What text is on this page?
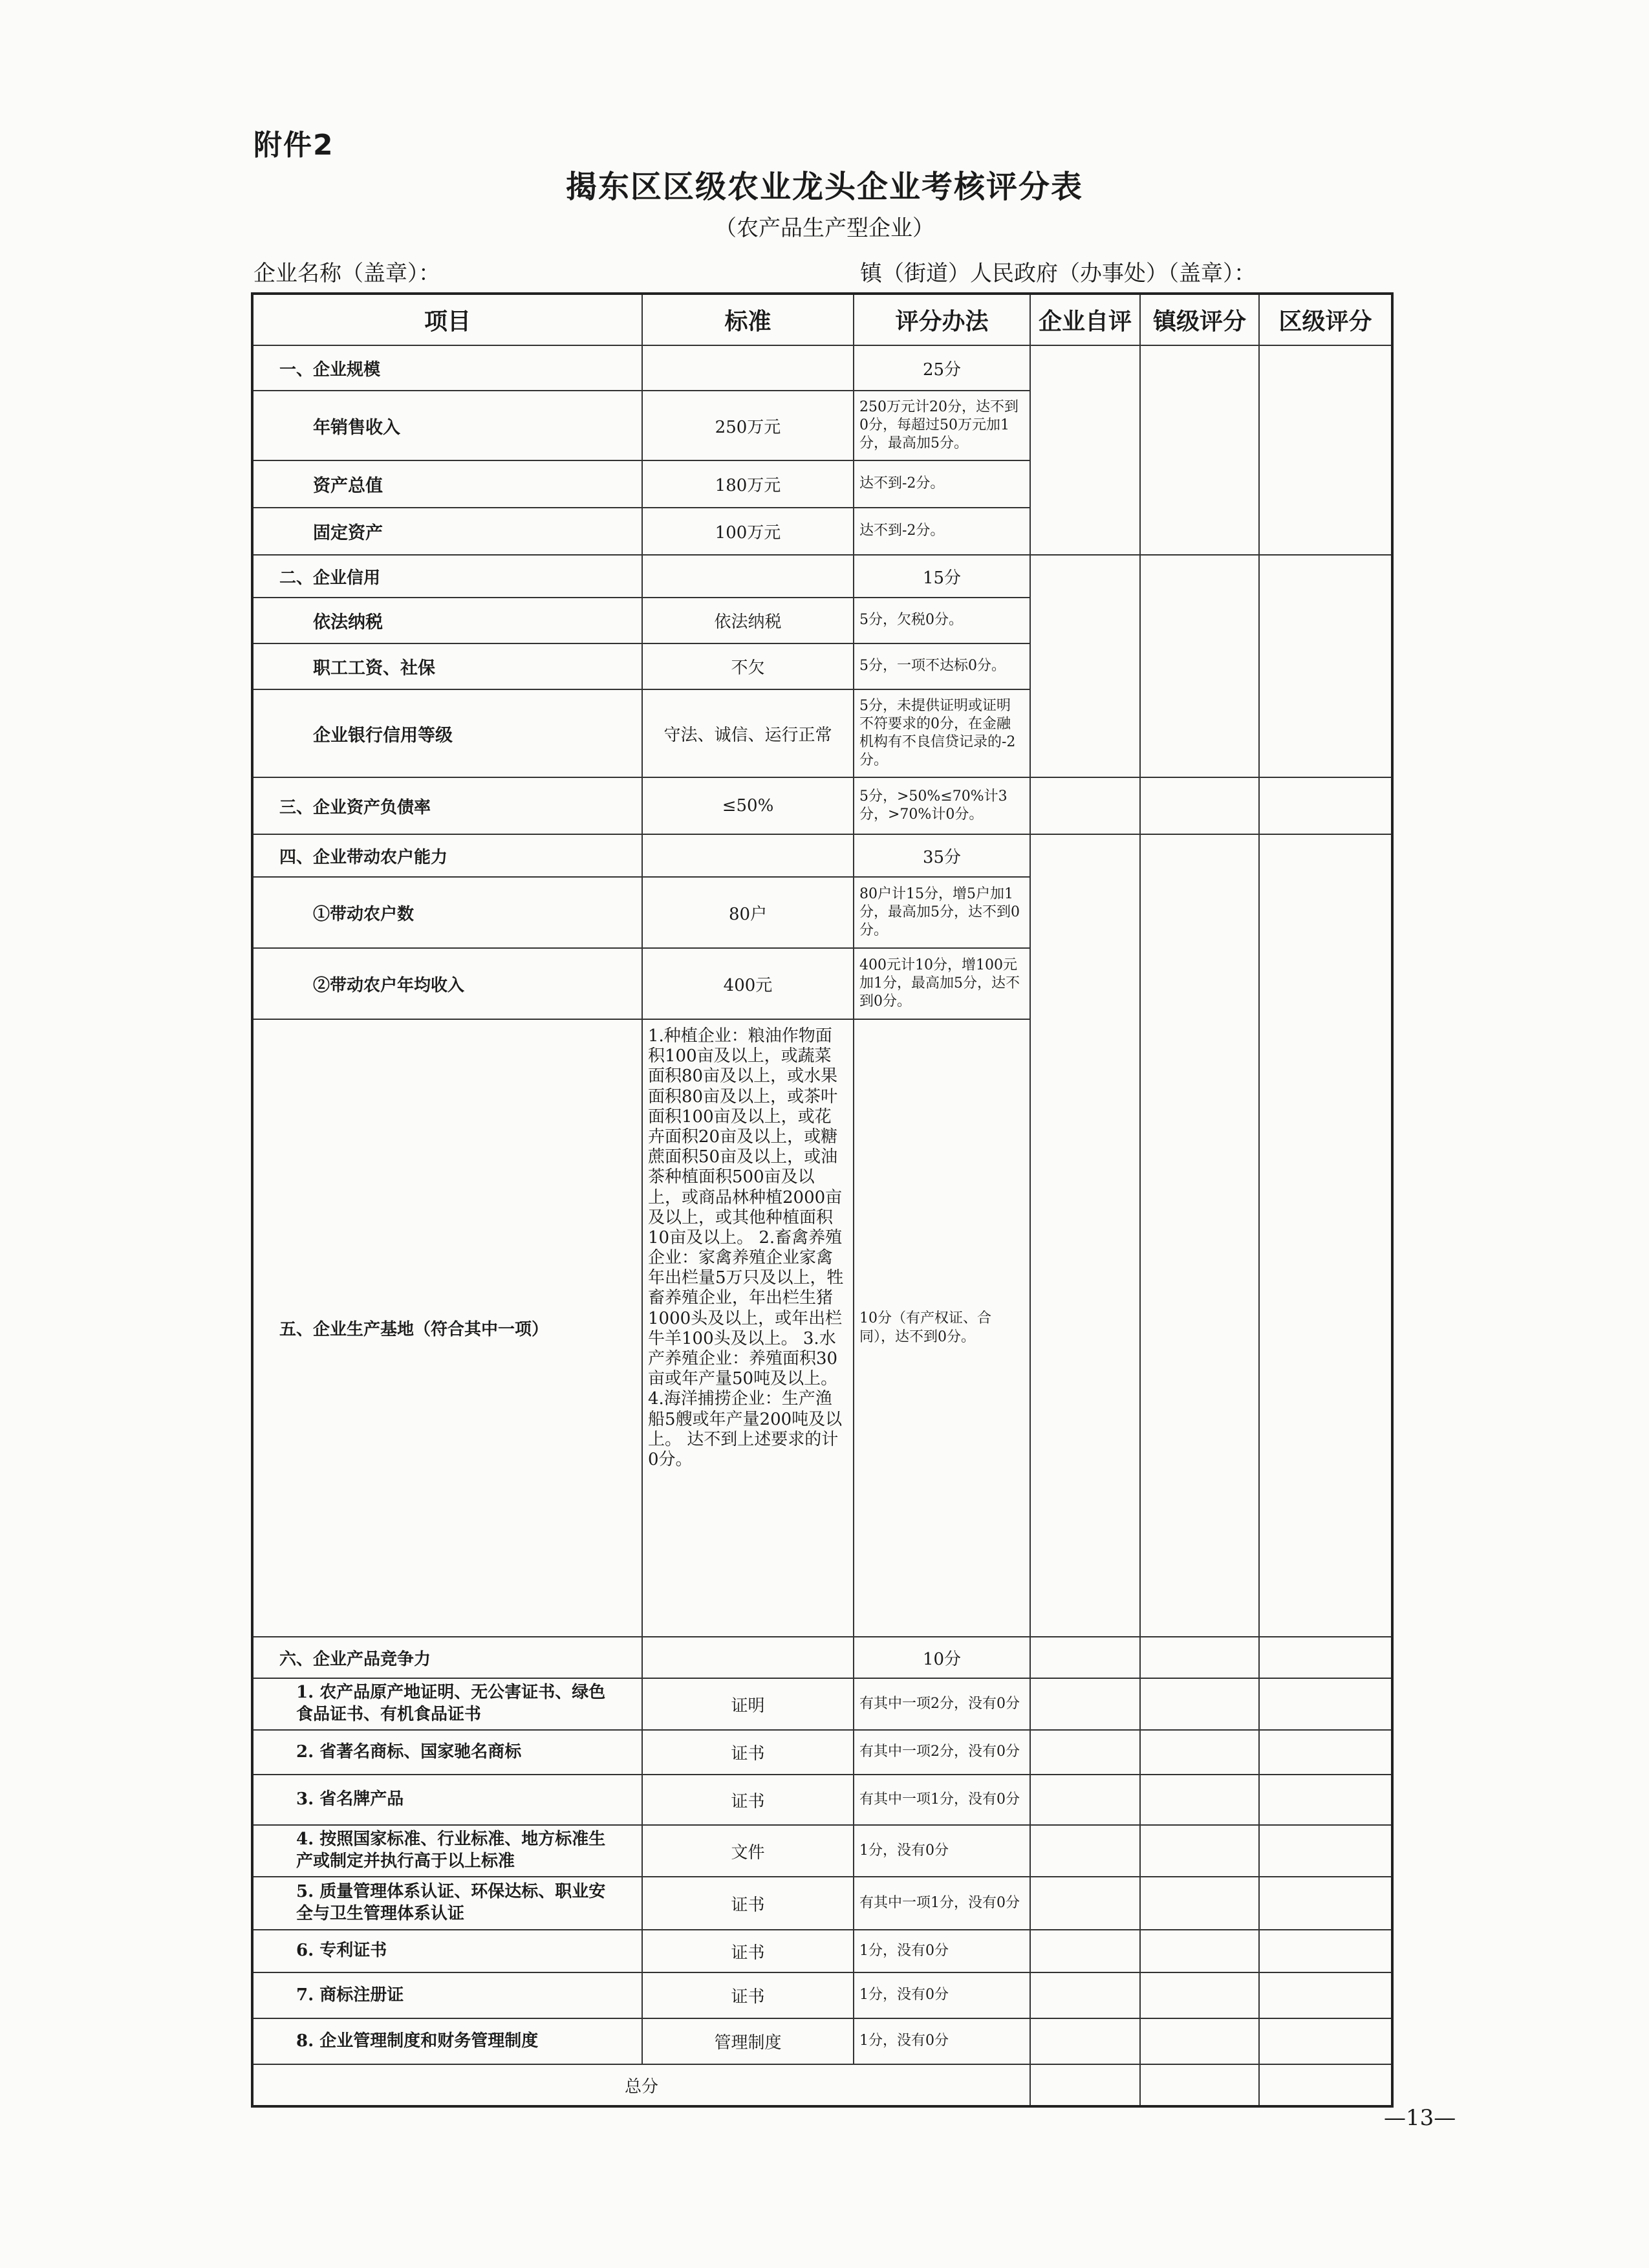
附件2
揭东区区级农业龙头企业考核评分表
（农产品生产型企业）
企业名称（盖章）：	镇（街道）人民政府（办事处）（盖章）：
项目	标准	评分办法	企业自评	镇级评分	区级评分
一、企业规模		25分			
年销售收入	250万元	250万元计20分，达不到0分，每超过50万元加1分，最高加5分。			
资产总值	180万元	达不到-2分。			
固定资产	100万元	达不到-2分。			
二、企业信用		15分			
依法纳税	依法纳税	5分，欠税0分。			
职工工资、社保	不欠	5分，一项不达标0分。			
企业银行信用等级	守法、诚信、运行正常	5分，未提供证明或证明不符要求的0分，在金融机构有不良信贷记录的-2分。			
三、企业资产负债率	≤50%	5分，>50%≤70%计3分，>70%计0分。			
四、企业带动农户能力		35分			
①带动农户数	80户	80户计15分，增5户加1分，最高加5分，达不到0分。			
②带动农户年均收入	400元	400元计10分，增100元加1分，最高加5分，达不到0分。			
五、企业生产基地（符合其中一项）	1.种植企业：粮油作物面积100亩及以上，或蔬菜面积80亩及以上，或水果面积80亩及以上，或茶叶面积100亩及以上，或花卉面积20亩及以上，或糖蔗面积50亩及以上，或油茶种植面积500亩及以上，或商品林种植2000亩及以上，或其他种植面积10亩及以上。 2.畜禽养殖企业：家禽养殖企业家禽年出栏量5万只及以上，牲畜养殖企业，年出栏生猪1000头及以上，或年出栏牛羊100头及以上。 3.水产养殖企业：养殖面积30亩或年产量50吨及以上。 4.海洋捕捞企业：生产渔船5艘或年产量200吨及以上。 达不到上述要求的计0分。	10分（有产权证、合同），达不到0分。			
六、企业产品竞争力		10分			
1. 农产品原产地证明、无公害证书、绿色食品证书、有机食品证书	证明	有其中一项2分，没有0分			
2. 省著名商标、国家驰名商标	证书	有其中一项2分，没有0分			
3. 省名牌产品	证书	有其中一项1分，没有0分			
4. 按照国家标准、行业标准、地方标准生产或制定并执行高于以上标准	文件	1分，没有0分			
5. 质量管理体系认证、环保达标、职业安全与卫生管理体系认证	证书	有其中一项1分，没有0分			
6. 专利证书	证书	1分，没有0分			
7. 商标注册证	证书	1分，没有0分			
8. 企业管理制度和财务管理制度	管理制度	1分，没有0分			
总分					
—13—
